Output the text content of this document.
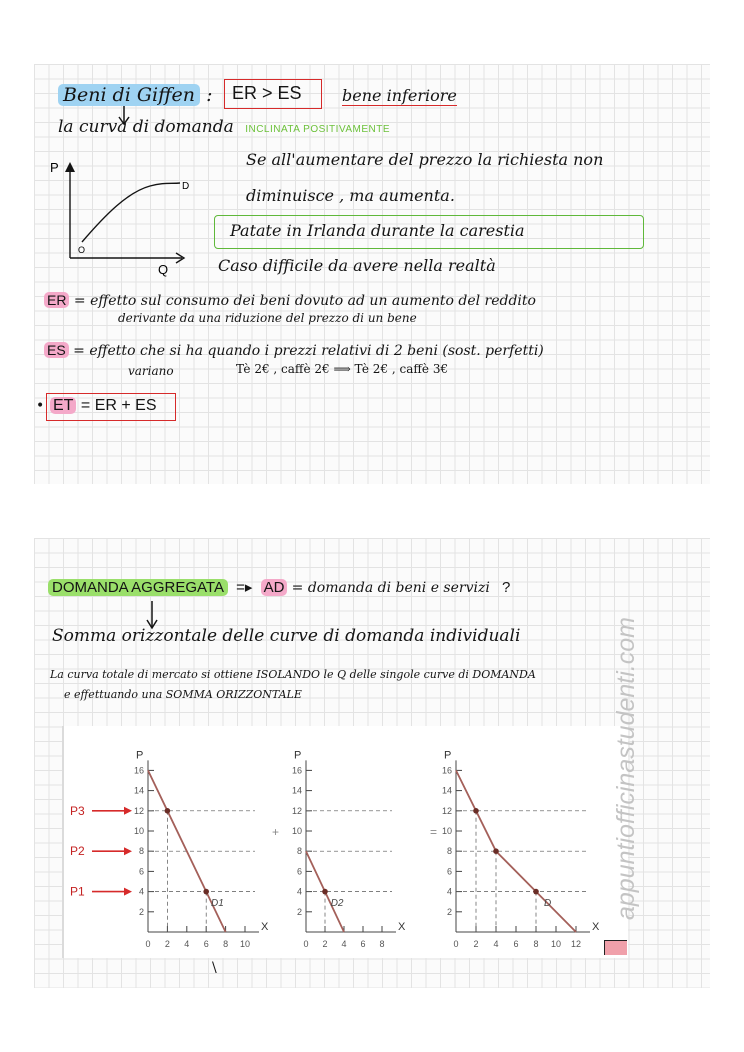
Beni di Giffen : ER > ES	bene inferiore
la curva di domanda INCLINATA POSITIVAMENTE
P
Q
D
O
Se all'aumentare del prezzo la richiesta non
diminuisce , ma aumenta.
Patate in Irlanda durante la carestia
Caso difficile da avere nella realtà
ER = effetto sul consumo dei beni dovuto ad un aumento del reddito
derivante da una riduzione del prezzo di un bene
ES = effetto che si ha quando i prezzi relativi di 2 beni (sost. perfetti)
variano	Tè 2€ , caffè 2€ ⟹ Tè 2€ , caffè 3€
• ET = ER + ES
DOMANDA AGGREGATA =▸ AD = domanda di beni e servizi ?
Somma orizzontale delle curve di domanda individuali
La curva totale di mercato si ottiene ISOLANDO le Q delle singole curve di DOMANDA
e effettuando una SOMMA ORIZZONTALE
P3
P2
P1
P
X
2
4
6
8
10
12
14
16
0 2 4 6 8 10
D1
P
X
2
4
6
8
10
12
14
16
0 2 4 6 8
D2
P
X
2
4
6
8
10
12
14
16
0 2 4 6 8 10 12
D
+	=
\
appuntiofficinastudenti.com
